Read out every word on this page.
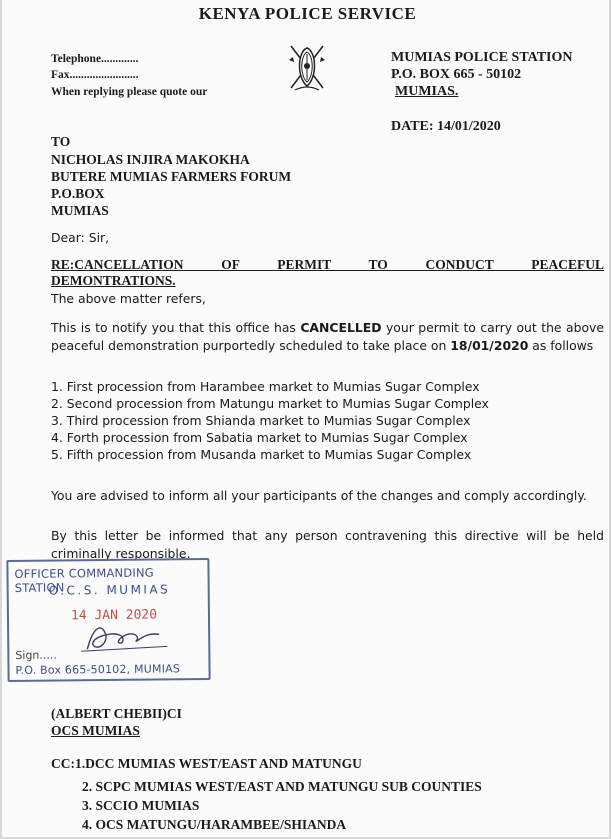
KENYA POLICE SERVICE
Telephone.............
Fax........................
When replying please quote our
MUMIAS POLICE STATION
P.O. BOX 665 - 50102
MUMIAS.
DATE: 14/01/2020
TO
NICHOLAS INJIRA MAKOKHA
BUTERE MUMIAS FARMERS FORUM
P.O.BOX
MUMIAS
Dear: Sir,
RE:CANCELLATION OF PERMIT TO CONDUCT PEACEFUL
DEMONTRATIONS.
The above matter refers,
This is to notify you that this office has CANCELLED your permit to carry out the above peaceful demonstration purportedly scheduled to take place on 18/01/2020 as follows
1. First procession from Harambee market to Mumias Sugar Complex
2. Second procession from Matungu market to Mumias Sugar Complex
3. Third procession from Shianda market to Mumias Sugar Complex
4. Forth procession from Sabatia market to Mumias Sugar Complex
5. Fifth procession from Musanda market to Mumias Sugar Complex
You are advised to inform all your participants of the changes and comply accordingly.
By this letter be informed that any person contravening this directive will be held criminally responsible.
OFFICER COMMANDING STATION
O.C.S. MUMIAS
14 JAN 2020
Sign.....
P.O. Box 665-50102, MUMIAS
(ALBERT CHEBII)CI
OCS MUMIAS
CC:1.DCC MUMIAS WEST/EAST AND MATUNGU
2. SCPC MUMIAS WEST/EAST AND MATUNGU SUB COUNTIES
3. SCCIO MUMIAS
4. OCS MATUNGU/HARAMBEE/SHIANDA
